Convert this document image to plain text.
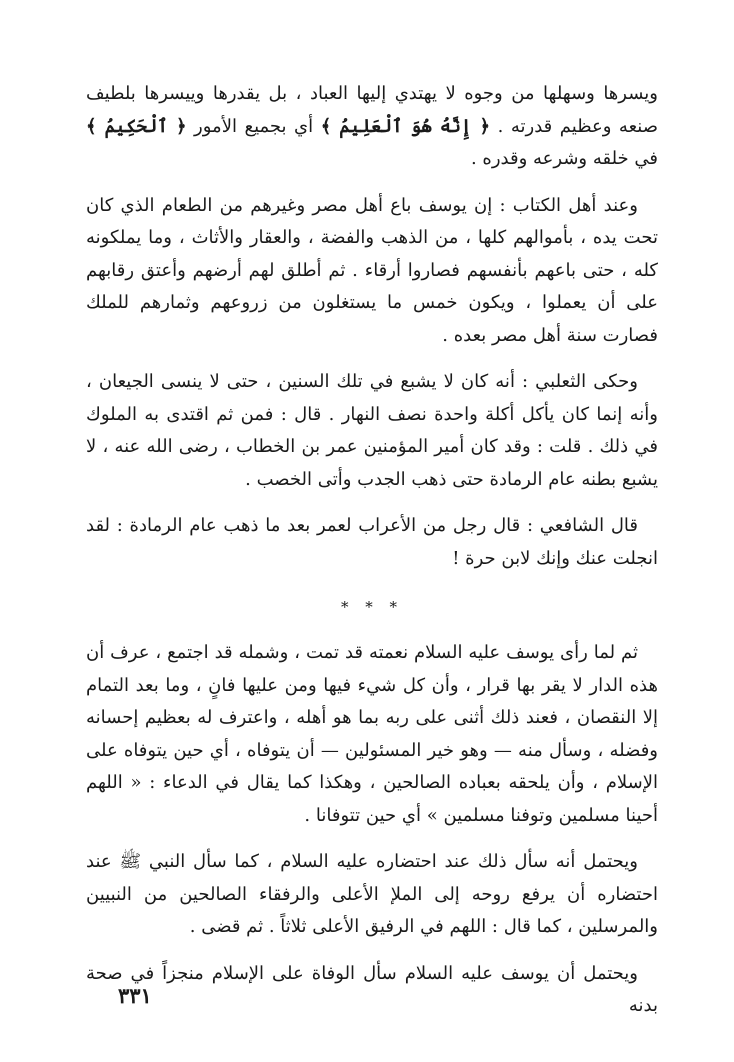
ويسرها وسهلها من وجوه لا يهتدي إليها العباد ، بل يقدرها وييسرها بلطيف صنعه وعظيم قدرته . ﴿ إِنَّهُ هُوَ ٱلْعَلِيمُ ﴾ أي بجميع الأمور ﴿ ٱلْحَكِيمُ ﴾ في خلقه وشرعه وقدره .

وعند أهل الكتاب : إن يوسف باع أهل مصر وغيرهم من الطعام الذي كان تحت يده ، بأموالهم كلها ، من الذهب والفضة ، والعقار والأثاث ، وما يملكونه كله ، حتى باعهم بأنفسهم فصاروا أرقاء . ثم أطلق لهم أرضهم وأعتق رقابهم على أن يعملوا ، ويكون خمس ما يستغلون من زروعهم وثمارهم للملك فصارت سنة أهل مصر بعده .

وحكى الثعلبي : أنه كان لا يشبع في تلك السنين ، حتى لا ينسى الجيعان ، وأنه إنما كان يأكل أكلة واحدة نصف النهار . قال : فمن ثم اقتدى به الملوك في ذلك . قلت : وقد كان أمير المؤمنين عمر بن الخطاب ، رضى الله عنه ، لا يشبع بطنه عام الرمادة حتى ذهب الجدب وأتى الخصب .

قال الشافعي : قال رجل من الأعراب لعمر بعد ما ذهب عام الرمادة : لقد انجلت عنك وإنك لابن حرة !

* * *

ثم لما رأى يوسف عليه السلام نعمته قد تمت ، وشمله قد اجتمع ، عرف أن هذه الدار لا يقر بها قرار ، وأن كل شيء فيها ومن عليها فانٍ ، وما بعد التمام إلا النقصان ، فعند ذلك أثنى على ربه بما هو أهله ، واعترف له بعظيم إحسانه وفضله ، وسأل منه — وهو خير المسئولين — أن يتوفاه ، أي حين يتوفاه على الإسلام ، وأن يلحقه بعباده الصالحين ، وهكذا كما يقال في الدعاء : « اللهم أحينا مسلمين وتوفنا مسلمين » أي حين تتوفانا .

ويحتمل أنه سأل ذلك عند احتضاره عليه السلام ، كما سأل النبي ﷺ عند احتضاره أن يرفع روحه إلى الملإ الأعلى والرفقاء الصالحين من النبيين والمرسلين ، كما قال : اللهم في الرفيق الأعلى ثلاثاً . ثم قضى .

ويحتمل أن يوسف عليه السلام سأل الوفاة على الإسلام منجزاً في صحة بدنه

٣٣١
